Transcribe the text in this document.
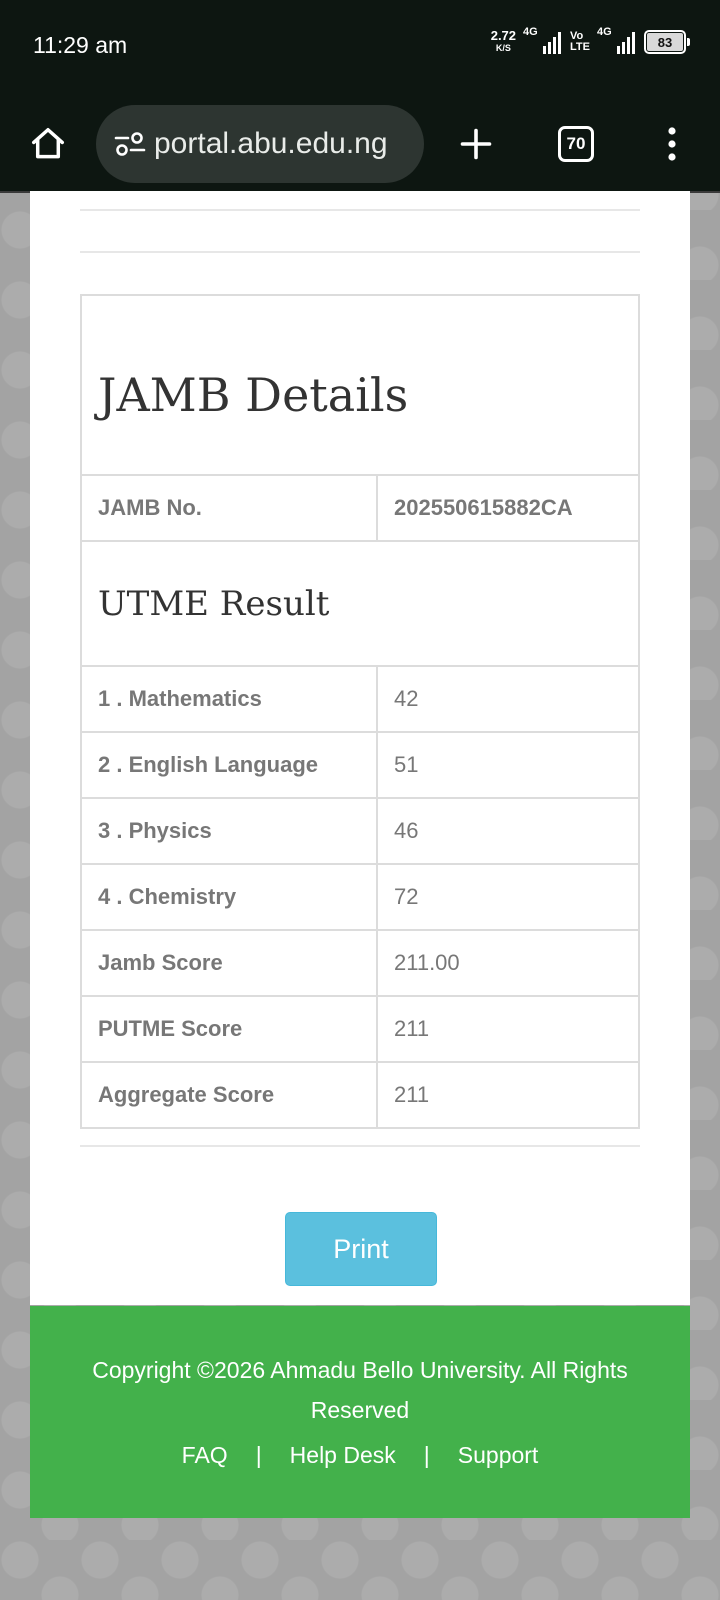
11:29 am	2.72
K/S
4G	Vo
LTE
4G
83
portal.abu.edu.ng	70
JAMB Details	
JAMB No.	202550615882CA
UTME Result	
1 . Mathematics	42
2 . English Language	51
3 . Physics	46
4 . Chemistry	72
Jamb Score	211.00
PUTME Score	211
Aggregate Score	211
Print
Copyright ©2026 Ahmadu Bello University. All Rights Reserved
FAQ | Help Desk | Support
